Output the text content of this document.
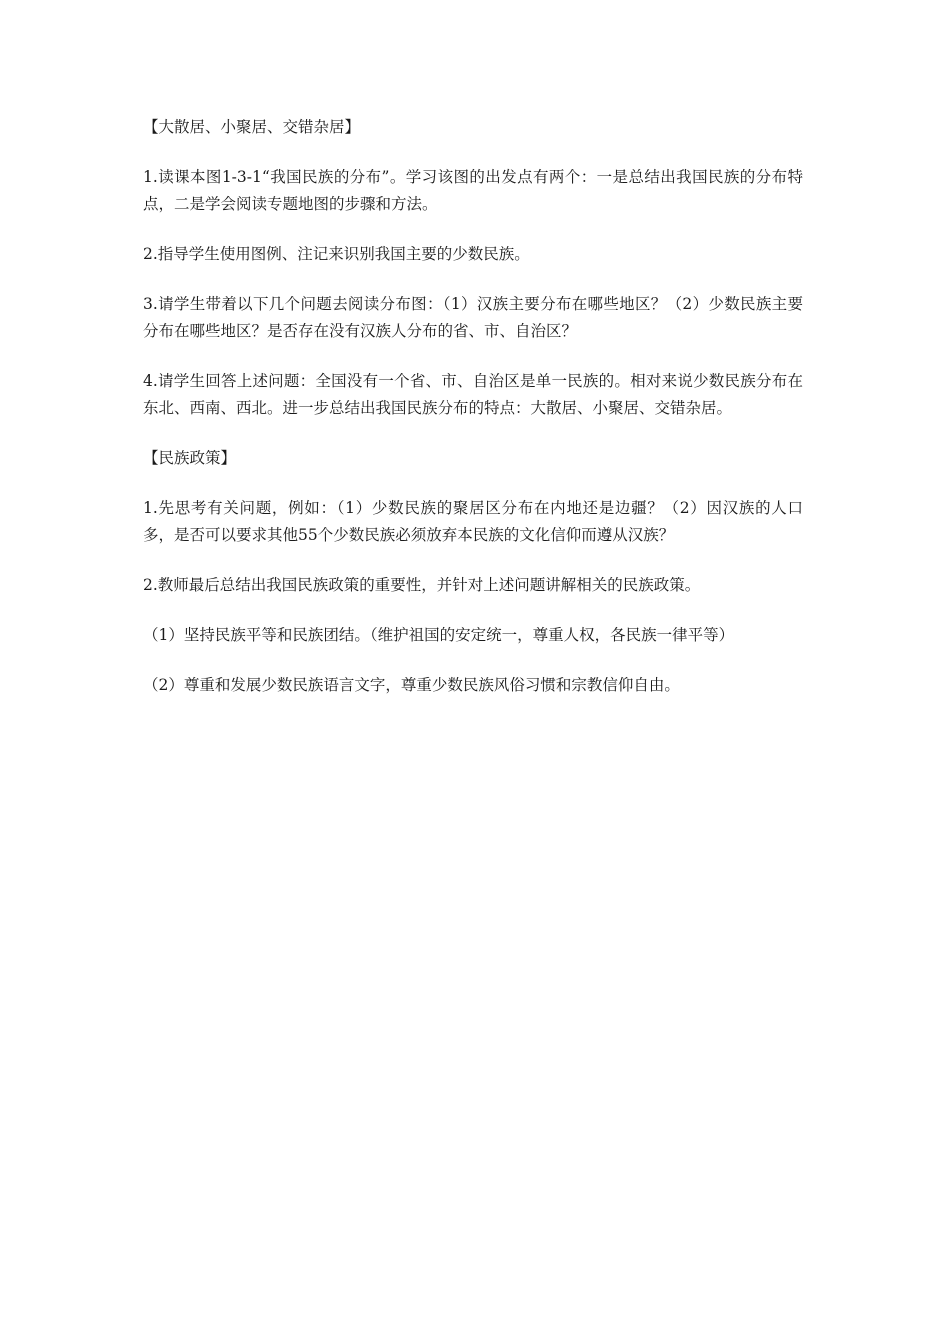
【大散居、小聚居、交错杂居】
1.读课本图1-3-1“我国民族的分布”。学习该图的出发点有两个：一是总结出我国民族的分布特点，二是学会阅读专题地图的步骤和方法。
2.指导学生使用图例、注记来识别我国主要的少数民族。
3.请学生带着以下几个问题去阅读分布图：（1）汉族主要分布在哪些地区？（2）少数民族主要分布在哪些地区？是否存在没有汉族人分布的省、市、自治区？
4.请学生回答上述问题：全国没有一个省、市、自治区是单一民族的。相对来说少数民族分布在东北、西南、西北。进一步总结出我国民族分布的特点：大散居、小聚居、交错杂居。
【民族政策】
1.先思考有关问题，例如：（1）少数民族的聚居区分布在内地还是边疆？（2）因汉族的人口多，是否可以要求其他55个少数民族必须放弃本民族的文化信仰而遵从汉族？
2.教师最后总结出我国民族政策的重要性，并针对上述问题讲解相关的民族政策。
（1）坚持民族平等和民族团结。（维护祖国的安定统一，尊重人权，各民族一律平等）
（2）尊重和发展少数民族语言文字，尊重少数民族风俗习惯和宗教信仰自由。
